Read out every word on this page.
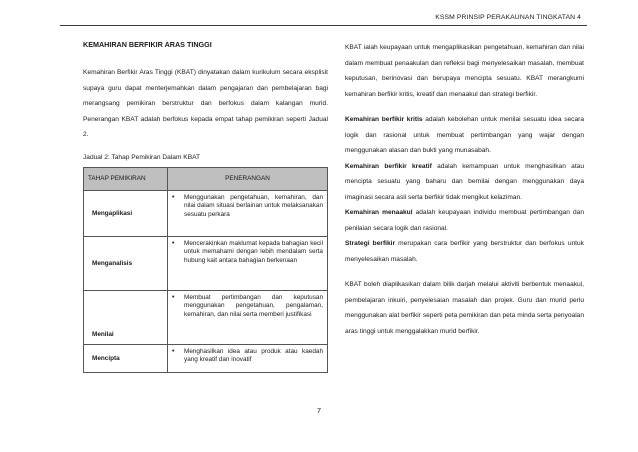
KSSM PRINSIP PERAKAUNAN TINGKATAN 4
KEMAHIRAN BERFIKIR ARAS TINGGI

Kemahiran Berfikir Aras Tinggi (KBAT) dinyatakan dalam kurikulum secara eksplisit supaya guru dapat menterjemahkan dalam pengajaran dan pembelajaran bagi merangsang pemikiran berstruktur dan berfokus dalam kalangan murid. Penerangan KBAT adalah berfokus kepada empat tahap pemikiran seperti Jadual 2.

Jadual 2: Tahap Pemikiran Dalam KBAT
TAHAP PEMIKIRAN	PENERANGAN
Mengaplikasi	• Menggunakan pengetahuan, kemahiran, dan nilai dalam situasi berlainan untuk melaksanakan sesuatu perkara

Menganalisis	• Mencerakinkan maklumat kepada bahagian kecil untuk memahami dengan lebih mendalam serta hubung kait antara bahagian berkenaan

Menilai	• Membuat pertimbangan dan keputusan menggunakan pengetahuan, pengalaman, kemahiran, dan nilai serta memberi justifikasi

Mencipta	• Menghasilkan idea atau produk atau kaedah yang kreatif dan inovatif

KBAT ialah keupayaan untuk mengaplikasikan pengetahuan, kemahiran dan nilai dalam membuat penaakulan dan refleksi bagi menyelesaikan masalah, membuat keputusan, berinovasi dan berupaya mencipta sesuatu. KBAT merangkumi kemahiran berfikir kritis, kreatif dan menaakul dan strategi berfikir.

Kemahiran berfikir kritis adalah kebolehan untuk menilai sesuatu idea secara logik dan rasional untuk membuat pertimbangan yang wajar dengan menggunakan alasan dan bukti yang munasabah.

Kemahiran berfikir kreatif adalah kemampuan untuk menghasilkan atau mencipta sesuatu yang baharu dan bernilai dengan menggunakan daya imaginasi secara asli serta berfikir tidak mengikut kelaziman.

Kemahiran menaakul adalah keupayaan individu membuat pertimbangan dan penilaian secara logik dan rasional.

Strategi berfikir merupakan cara berfikir yang berstruktur dan berfokus untuk menyelesaikan masalah.

KBAT boleh diaplikasikan dalam bilik darjah melalui aktiviti berbentuk menaakul, pembelajaran inkuiri, penyelesaian masalah dan projek. Guru dan murid perlu menggunakan alat berfikir seperti peta pemikiran dan peta minda serta penyoalan aras tinggi untuk menggalakkan murid berfikir.

7
